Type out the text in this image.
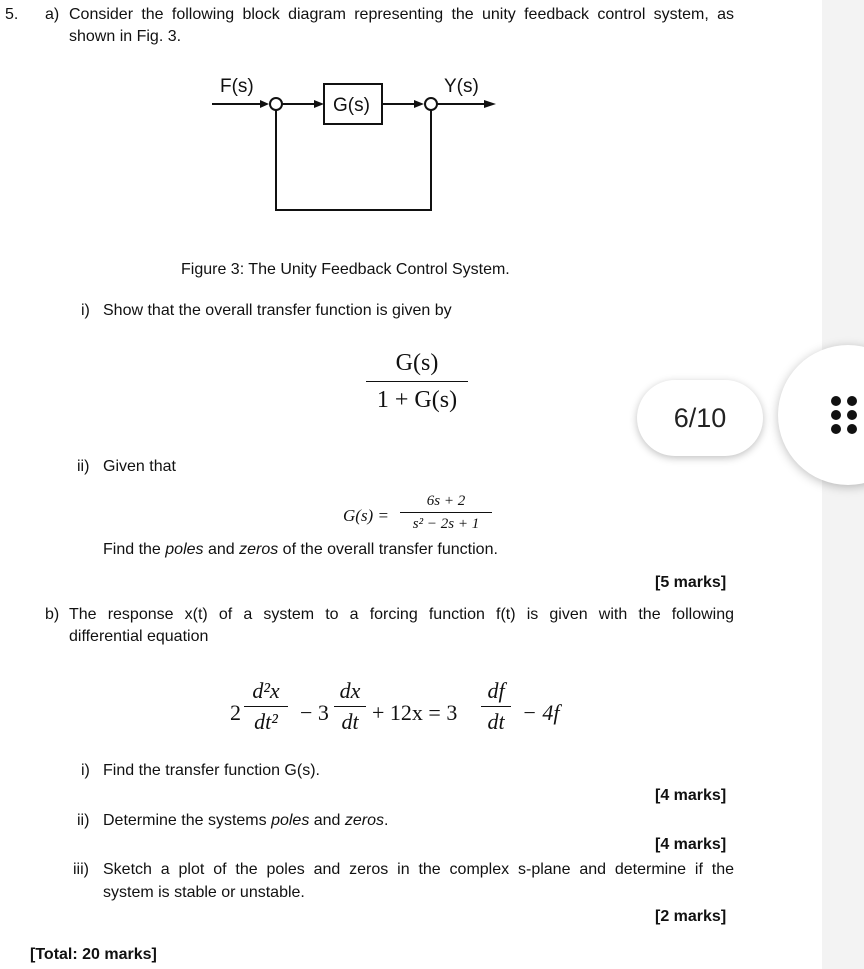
5. a) Consider the following block diagram representing the unity feedback control system, as
shown in Fig. 3.
F(s)	Y(s)
G(s)
Figure 3: The Unity Feedback Control System.
i) Show that the overall transfer function is given by
G(s)
1 + G(s)
ii) Given that
G(s) =
6s + 2
s² − 2s + 1
Find the poles and zeros of the overall transfer function.
[5 marks]
b) The response x(t) of a system to a forcing function f(t) is given with the following
differential equation
2
d²x
dt² − 3
dx
dt + 12x = 3
df
dt − 4f
i) Find the transfer function G(s).
[4 marks]
ii) Determine the systems poles and zeros.
[4 marks]
iii) Sketch a plot of the poles and zeros in the complex s-plane and determine if the
system is stable or unstable.
[2 marks]
[Total: 20 marks]
6/10
